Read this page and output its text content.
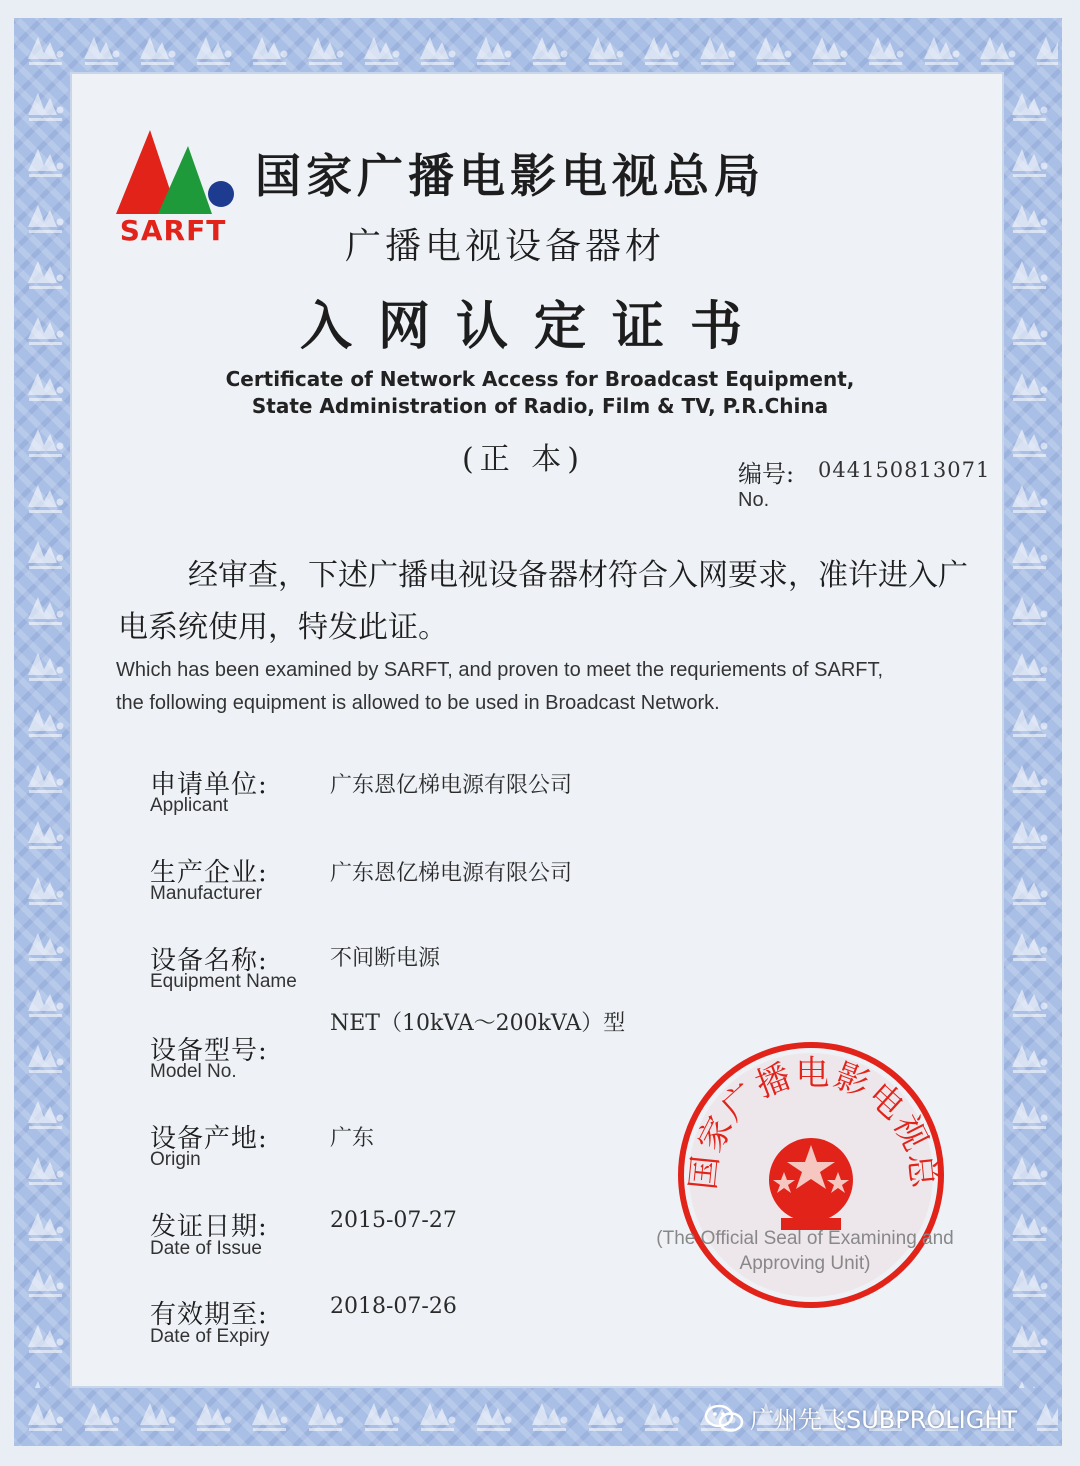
SARFT
国家广播电影电视总局
广播电视设备器材
入网认定证书
Certificate of Network Access for Broadcast Equipment,
State Administration of Radio, Film & TV, P.R.China
(正 本)	编号: 044150813071
No.
经审查，下述广播电视设备器材符合入网要求，准许进入广电系统使用，特发此证。
Which has been examined by SARFT, and proven to meet the requriements of SARFT,
the following equipment is allowed to be used in Broadcast Network.
申请单位:
Applicant
广东恩亿梯电源有限公司
生产企业:
Manufacturer
广东恩亿梯电源有限公司
设备名称:
Equipment Name
不间断电源
NET（10kVA～200kVA）型
设备型号:
Model No.
设备产地:
Origin
广东
发证日期:
Date of Issue
2015-07-27
有效期至:
Date of Expiry
2018-07-26
国家广播电影电视总
(The Official Seal of Examining and
Approving Unit)
广州先飞SUBPROLIGHT
